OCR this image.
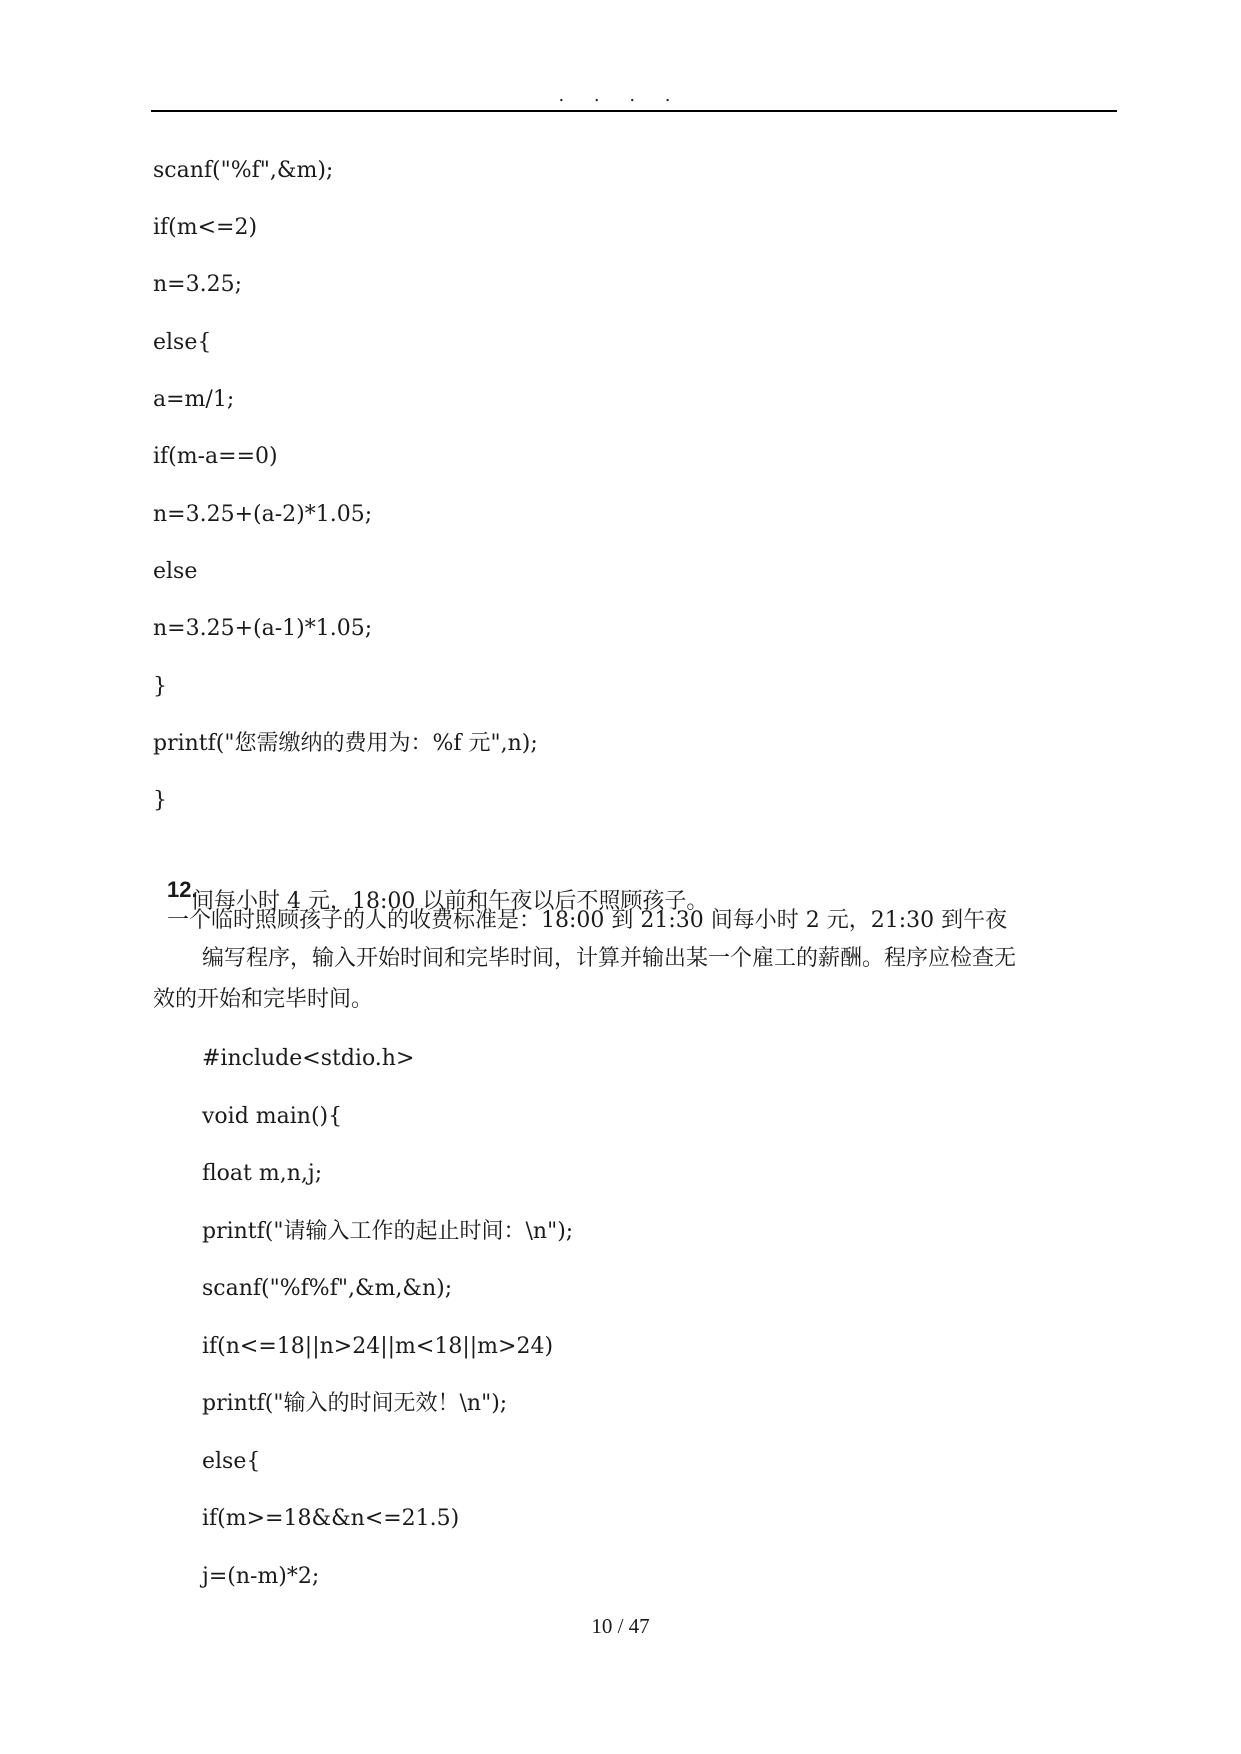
. . . .
scanf("%f",&m);
if(m<=2)
n=3.25;
else{
a=m/1;
if(m-a==0)
n=3.25+(a-2)*1.05;
else
n=3.25+(a-1)*1.05;
}
printf("您需缴纳的费用为：%f 元",n);
}

12.
一个临时照顾孩子的人的收费标准是：18:00 到 21:30 间每小时 2 元，21:30 到午夜

间每小时 4 元，18:00 以前和午夜以后不照顾孩子。
编写程序，输入开始时间和完毕时间，计算并输出某一个雇工的薪酬。程序应检查无
效的开始和完毕时间。
#include<stdio.h>
void main(){
float m,n,j;
printf("请输入工作的起止时间：\n");
scanf("%f%f",&m,&n);
if(n<=18||n>24||m<18||m>24)
printf("输入的时间无效！\n");
else{
if(m>=18&&n<=21.5)
j=(n-m)*2;
10 / 47
